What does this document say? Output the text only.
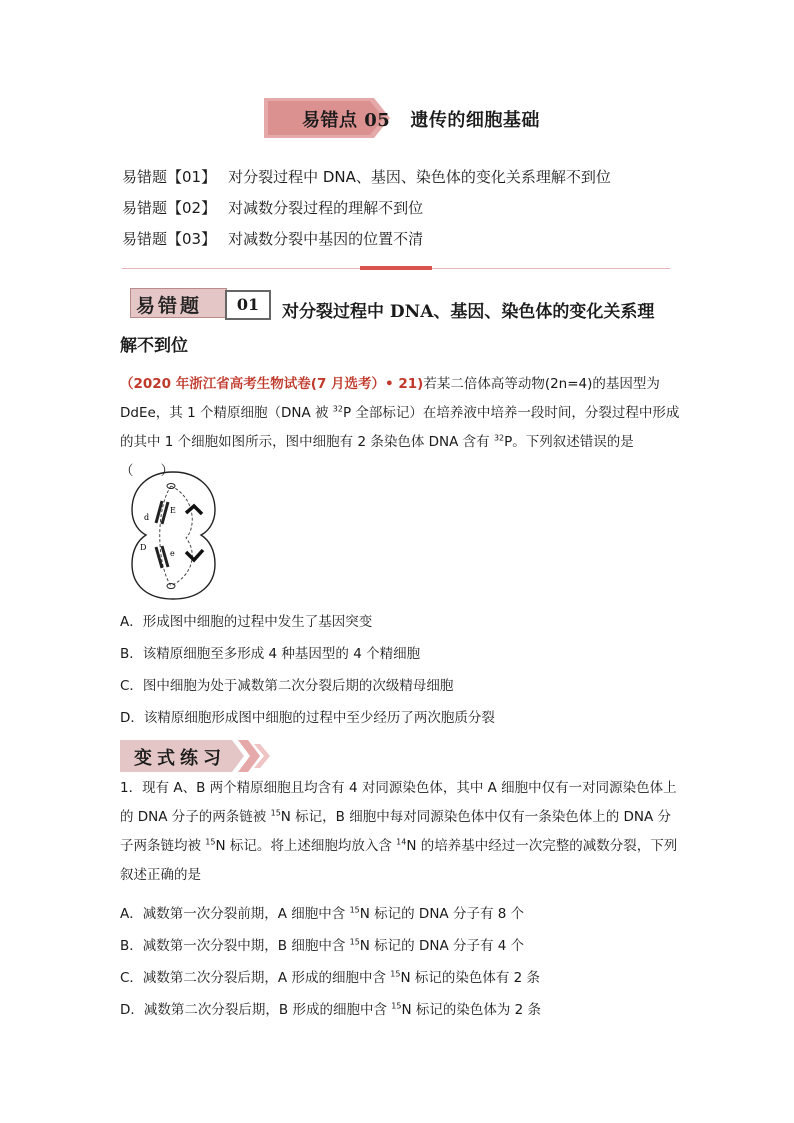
易错点 05 遗传的细胞基础
易错题【01】 对分裂过程中 DNA、基因、染色体的变化关系理解不到位
易错题【02】 对减数分裂过程的理解不到位
易错题【03】 对减数分裂中基因的位置不清
易错题	01	对分裂过程中 DNA、基因、染色体的变化关系理
解不到位
（2020 年浙江省高考生物试卷(7 月选考）• 21)若某二倍体高等动物(2n=4)的基因型为 DdEe，其 1 个精原细胞（DNA 被 $^{32}$P 全部标记）在培养液中培养一段时间，分裂过程中形成的其中 1 个细胞如图所示，图中细胞有 2 条染色体 DNA 含有 $^{32}$P。下列叙述错误的是（　　）
d
E
D
e
A．形成图中细胞的过程中发生了基因突变
B．该精原细胞至多形成 4 种基因型的 4 个精细胞
C．图中细胞为处于减数第二次分裂后期的次级精母细胞
D．该精原细胞形成图中细胞的过程中至少经历了两次胞质分裂
变式练习
1．现有 A、B 两个精原细胞且均含有 4 对同源染色体，其中 A 细胞中仅有一对同源染色体上的 DNA 分子的两条链被 $^{15}$N 标记，B 细胞中每对同源染色体中仅有一条染色体上的 DNA 分子两条链均被 $^{15}$N 标记。将上述细胞均放入含 $^{14}$N 的培养基中经过一次完整的减数分裂，下列叙述正确的是
A．减数第一次分裂前期，A 细胞中含 $^{15}$N 标记的 DNA 分子有 8 个
B．减数第一次分裂中期，B 细胞中含 $^{15}$N 标记的 DNA 分子有 4 个
C．减数第二次分裂后期，A 形成的细胞中含 $^{15}$N 标记的染色体有 2 条
D．减数第二次分裂后期，B 形成的细胞中含 $^{15}$N 标记的染色体为 2 条
